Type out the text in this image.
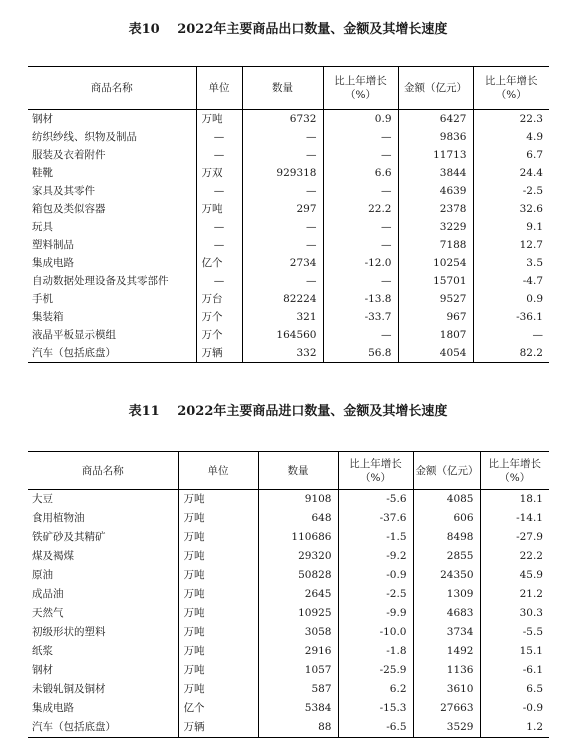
表10　 2022年主要商品出口数量、金额及其增长速度
商品名称	单位	数量	比上年增长（%）	金额（亿元）	比上年增长（%）
钢材	万吨	6732	0.9	6427	22.3
纺织纱线、织物及制品	—	—	—	9836	4.9
服装及衣着附件	—	—	—	11713	6.7
鞋靴	万双	929318	6.6	3844	24.4
家具及其零件	—	—	—	4639	-2.5
箱包及类似容器	万吨	297	22.2	2378	32.6
玩具	—	—	—	3229	9.1
塑料制品	—	—	—	7188	12.7
集成电路	亿个	2734	-12.0	10254	3.5
自动数据处理设备及其零部件	—	—	—	15701	-4.7
手机	万台	82224	-13.8	9527	0.9
集装箱	万个	321	-33.7	967	-36.1
液晶平板显示模组	万个	164560	—	1807	—
汽车（包括底盘）	万辆	332	56.8	4054	82.2
表11　 2022年主要商品进口数量、金额及其增长速度
商品名称	单位	数量	比上年增长（%）	金额（亿元）	比上年增长（%）
大豆	万吨	9108	-5.6	4085	18.1
食用植物油	万吨	648	-37.6	606	-14.1
铁矿砂及其精矿	万吨	110686	-1.5	8498	-27.9
煤及褐煤	万吨	29320	-9.2	2855	22.2
原油	万吨	50828	-0.9	24350	45.9
成品油	万吨	2645	-2.5	1309	21.2
天然气	万吨	10925	-9.9	4683	30.3
初级形状的塑料	万吨	3058	-10.0	3734	-5.5
纸浆	万吨	2916	-1.8	1492	15.1
钢材	万吨	1057	-25.9	1136	-6.1
未锻轧铜及铜材	万吨	587	6.2	3610	6.5
集成电路	亿个	5384	-15.3	27663	-0.9
汽车（包括底盘）	万辆	88	-6.5	3529	1.2
